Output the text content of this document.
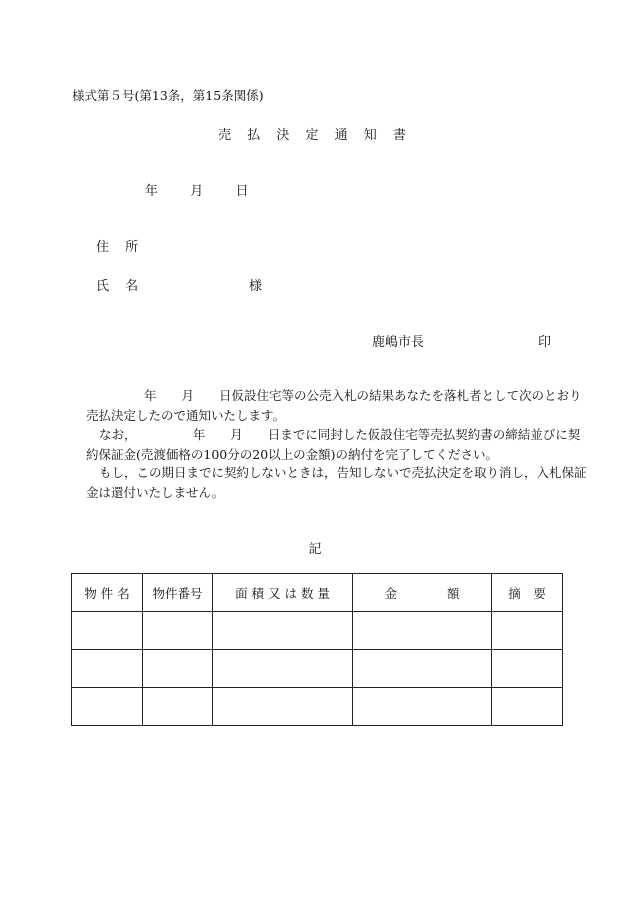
様式第５号(第13条，第15条関係)
売 払 決 定 通 知 書
年 月 日
住 所
氏 名	様
鹿嶋市長	印
年　　月　　日仮設住宅等の公売入札の結果あなたを落札者として次のとおり
売払決定したので通知いたします。
なお，　　　　　年　　月　　日までに同封した仮設住宅等売払契約書の締結並びに契
約保証金(売渡価格の100分の20以上の金額)の納付を完了してください。
もし，この期日までに契約しないときは，告知しないで売払決定を取り消し，入札保証
金は還付いたしません。
記
物 件 名	物件番号	面 積 又 は 数 量	金　　　　額	摘　要
